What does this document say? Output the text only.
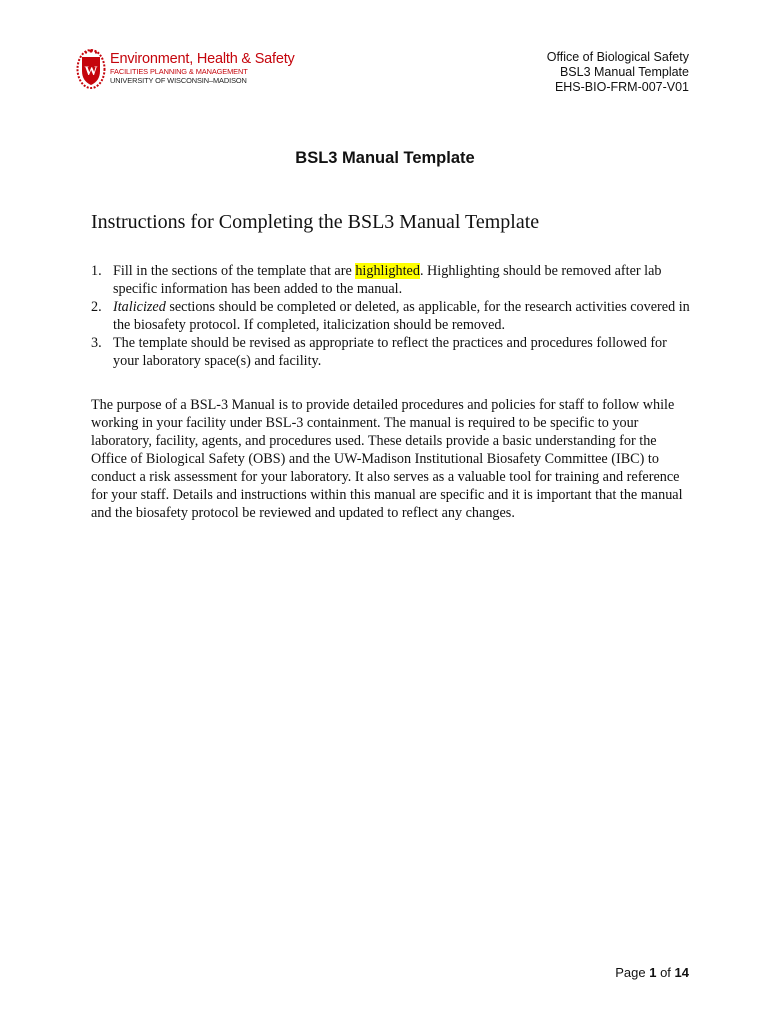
W
Environment, Health & Safety
FACILITIES PLANNING & MANAGEMENT
UNIVERSITY OF WISCONSIN–MADISON
Office of Biological Safety
BSL3 Manual Template
EHS-BIO-FRM-007-V01
BSL3 Manual Template
Instructions for Completing the BSL3 Manual Template
1. Fill in the sections of the template that are highlighted. Highlighting should be removed after lab specific information has been added to the manual.
2. Italicized sections should be completed or deleted, as applicable, for the research activities covered in the biosafety protocol. If completed, italicization should be removed.
3. The template should be revised as appropriate to reflect the practices and procedures followed for your laboratory space(s) and facility.

The purpose of a BSL-3 Manual is to provide detailed procedures and policies for staff to follow while working in your facility under BSL-3 containment. The manual is required to be specific to your laboratory, facility, agents, and procedures used. These details provide a basic understanding for the Office of Biological Safety (OBS) and the UW-Madison Institutional Biosafety Committee (IBC) to conduct a risk assessment for your laboratory. It also serves as a valuable tool for training and reference for your staff. Details and instructions within this manual are specific and it is important that the manual and the biosafety protocol be reviewed and updated to reflect any changes.

Page 1 of 14
